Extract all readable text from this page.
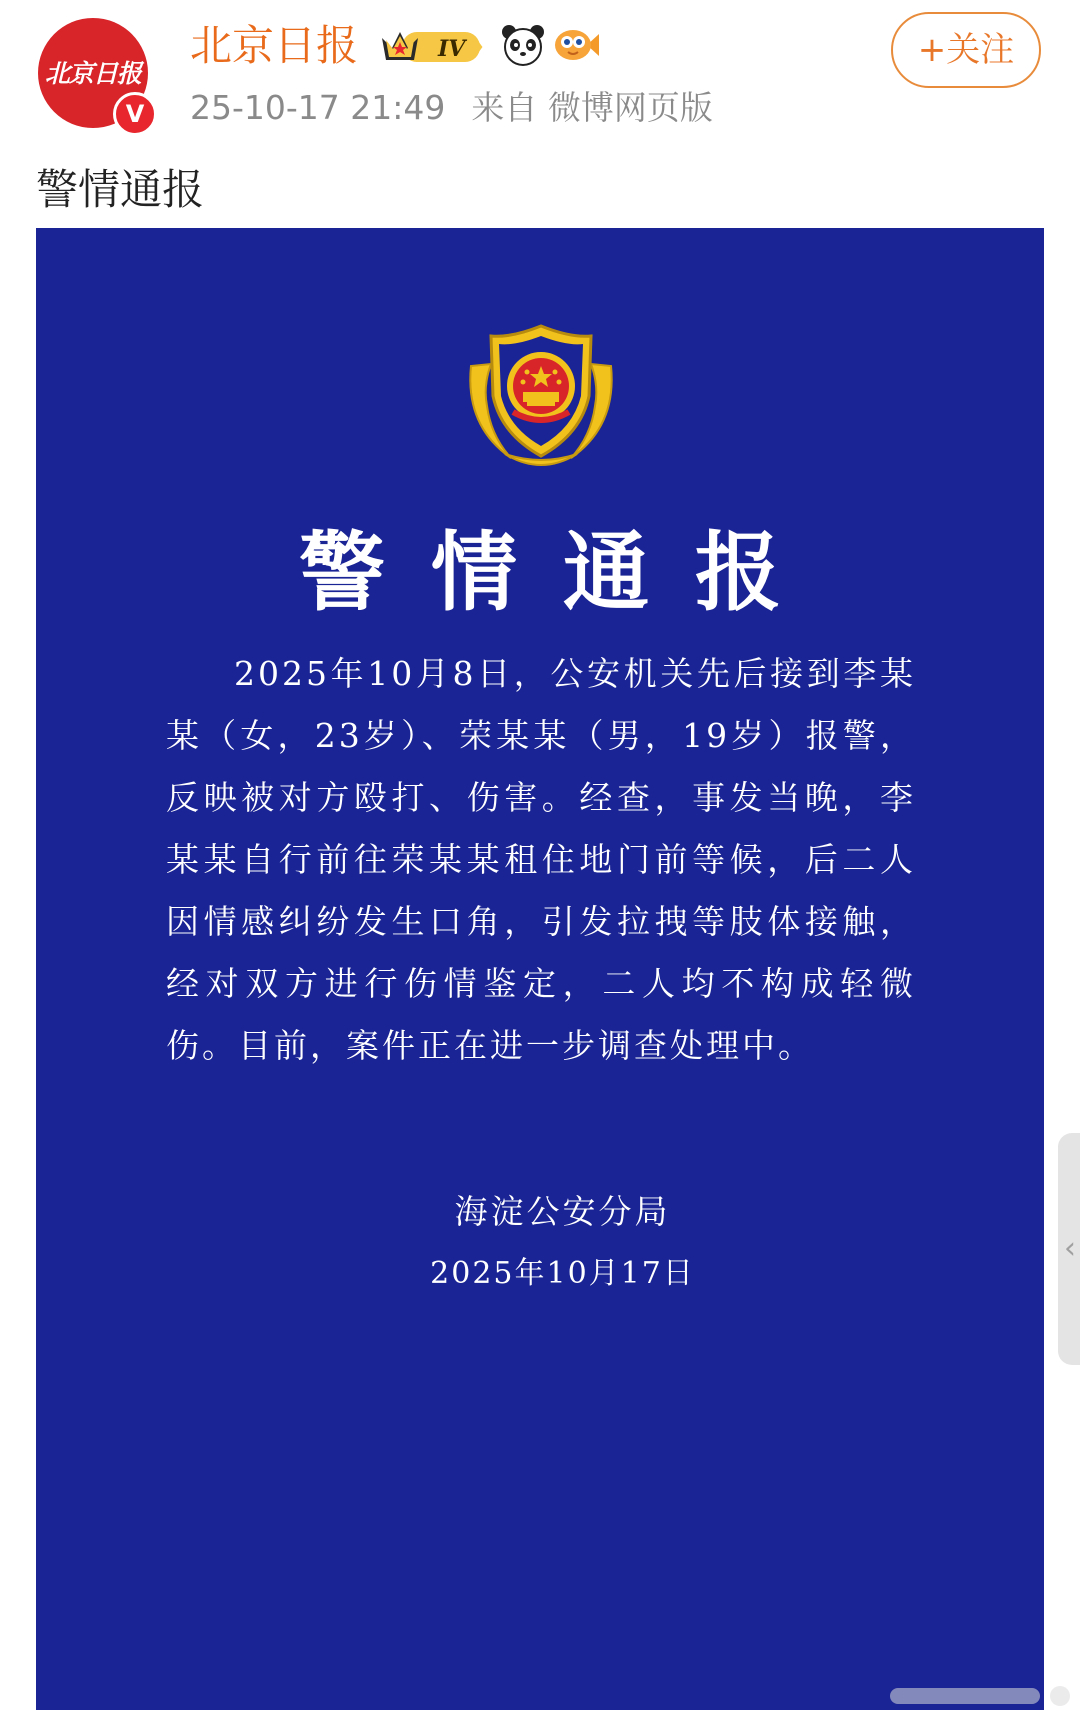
北京日报
V
北京日报	IV
25-10-17 21:49 来自 微博网页版
+关注
警情通报
警情通报
2025年10月8日，公安机关先后接到李某某（女，23岁）、荣某某（男，19岁）报警，反映被对方殴打、伤害。经查，事发当晚，李某某自行前往荣某某租住地门前等候，后二人因情感纠纷发生口角，引发拉拽等肢体接触，经对双方进行伤情鉴定，二人均不构成轻微伤。目前，案件正在进一步调查处理中。
海淀公安分局
2025年10月17日
‹
